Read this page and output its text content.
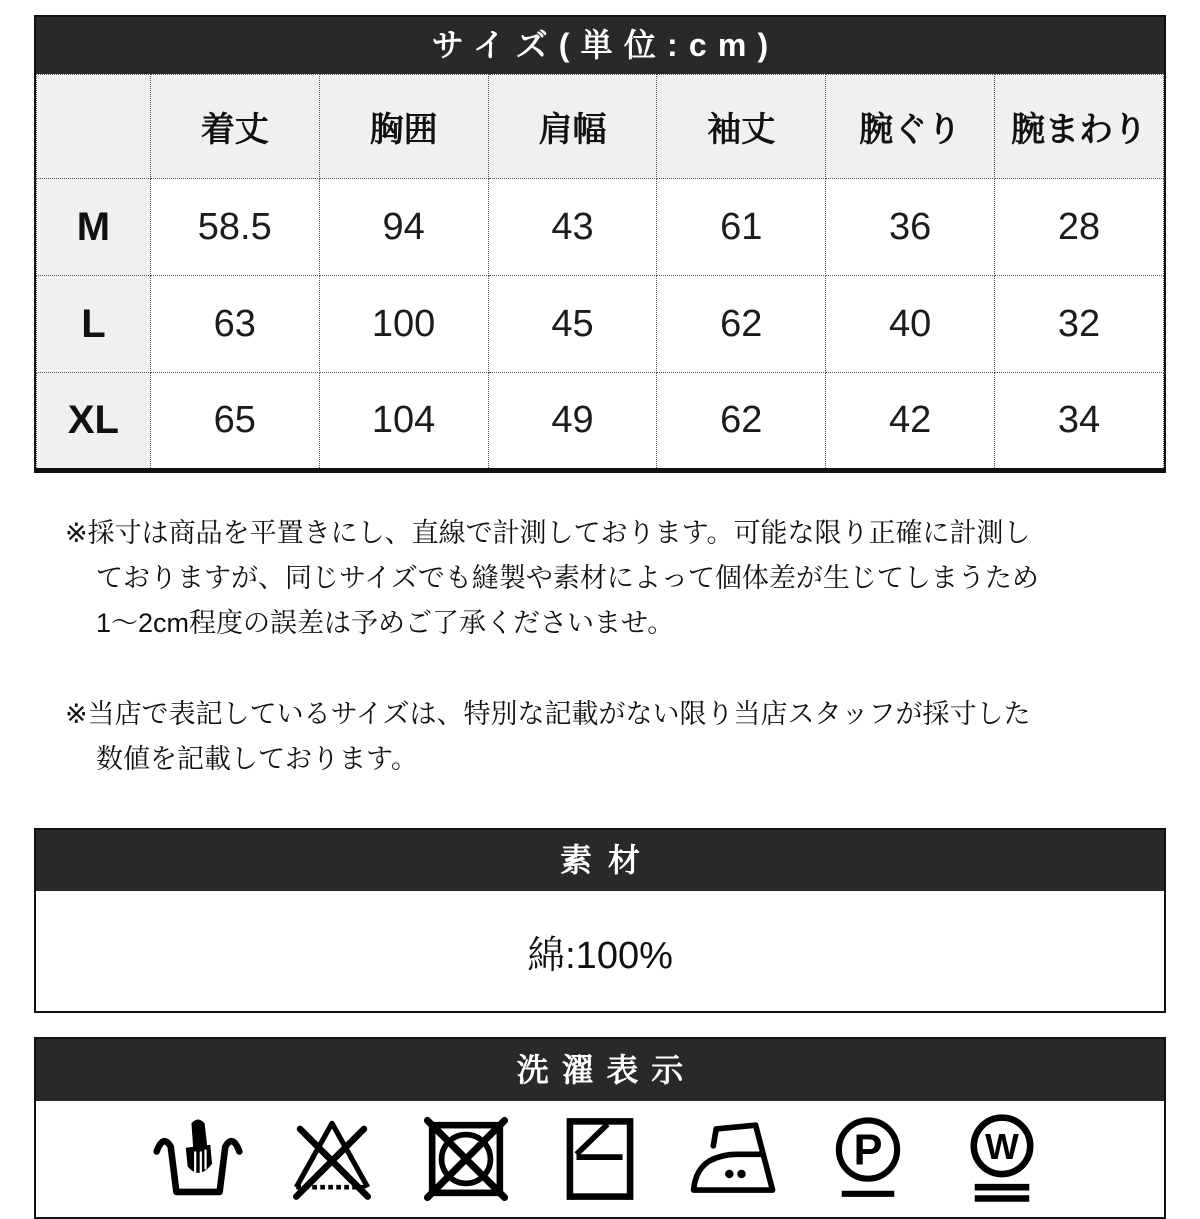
サイズ(単位:cm)
	着丈	胸囲	肩幅	袖丈	腕ぐり	腕まわり
M	58.5	94	43	61	36	28
L	63	100	45	62	40	32
XL	65	104	49	62	42	34
※採寸は商品を平置きにし、直線で計測しております。可能な限り正確に計測し
ておりますが、同じサイズでも縫製や素材によって個体差が生じてしまうため
1〜2cm程度の誤差は予めご了承くださいませ。
※当店で表記しているサイズは、特別な記載がない限り当店スタッフが採寸した
数値を記載しております。
素材
綿:100%
洗濯表示
P	W
